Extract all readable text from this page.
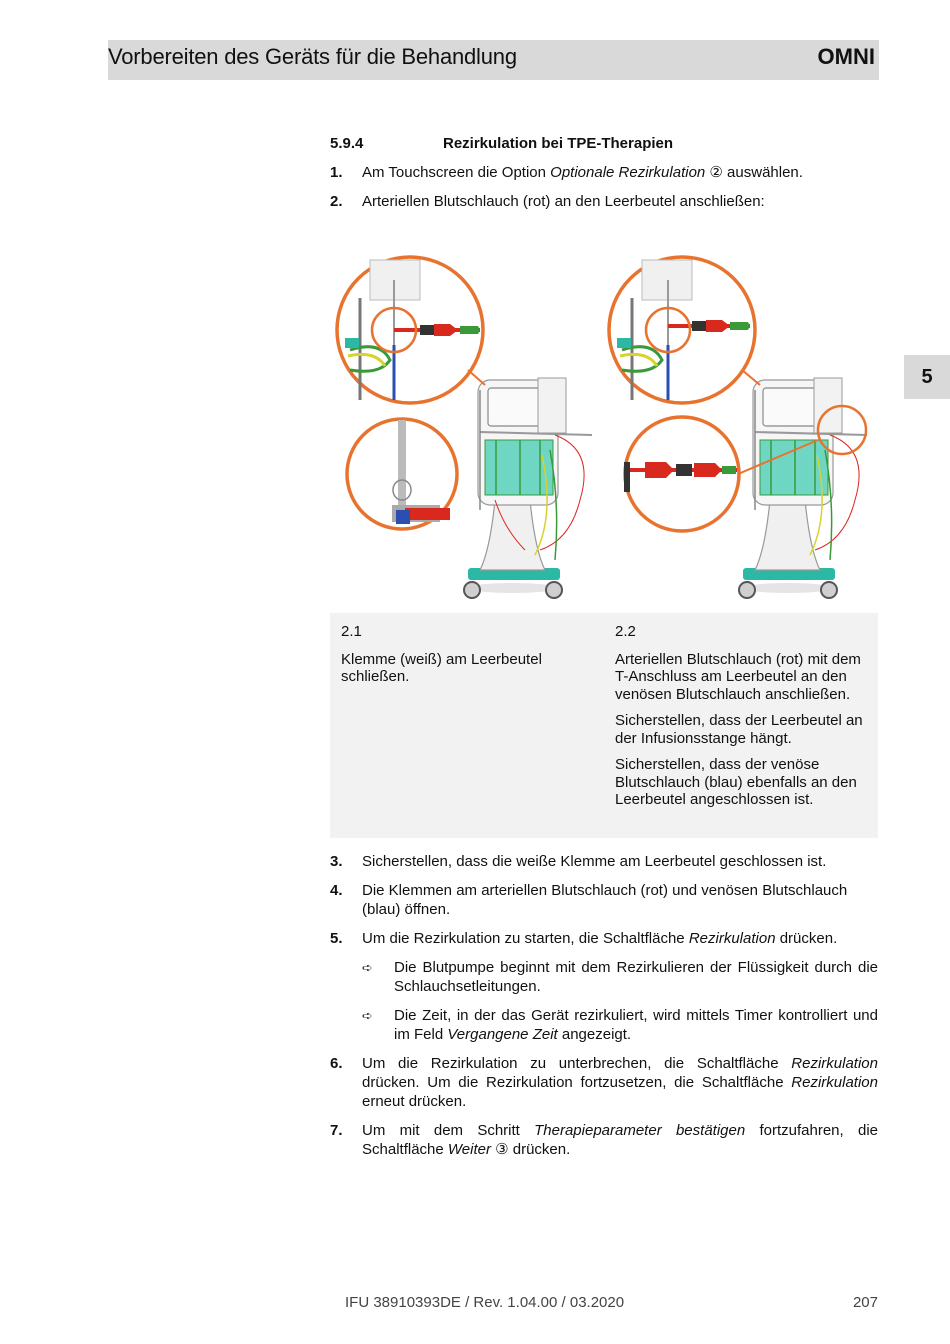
Vorbereiten des Geräts für die Behandlung	OMNI
5
5.9.4	Rezirkulation bei TPE-Therapien
1. Am Touchscreen die Option Optionale Rezirkulation ② auswählen.
2. Arteriellen Blutschlauch (rot) an den Leerbeutel anschließen:

2.1

Klemme (weiß) am Leerbeutel schließen.

2.2

Arteriellen Blutschlauch (rot) mit dem T-Anschluss am Leerbeutel an den venösen Blutschlauch anschließen.

Sicherstellen, dass der Leerbeutel an der Infusionsstange hängt.

Sicherstellen, dass der venöse Blutschlauch (blau) ebenfalls an den Leerbeutel angeschlossen ist.

3. Sicherstellen, dass die weiße Klemme am Leerbeutel geschlossen ist.
4. Die Klemmen am arteriellen Blutschlauch (rot) und venösen Blutschlauch (blau) öffnen.
5. Um die Rezirkulation zu starten, die Schaltfläche Rezirkulation drücken.
➪ Die Blutpumpe beginnt mit dem Rezirkulieren der Flüssigkeit durch die Schlauchsetleitungen.
➪ Die Zeit, in der das Gerät rezirkuliert, wird mittels Timer kontrolliert und im Feld Vergangene Zeit angezeigt.
6. Um die Rezirkulation zu unterbrechen, die Schaltfläche Rezirkulation drücken. Um die Rezirkulation fortzusetzen, die Schaltfläche Rezirkulation erneut drücken.
7. Um mit dem Schritt Therapieparameter bestätigen fortzufahren, die Schaltfläche Weiter ③ drücken.
IFU 38910393DE / Rev. 1.04.00 / 03.2020	207
